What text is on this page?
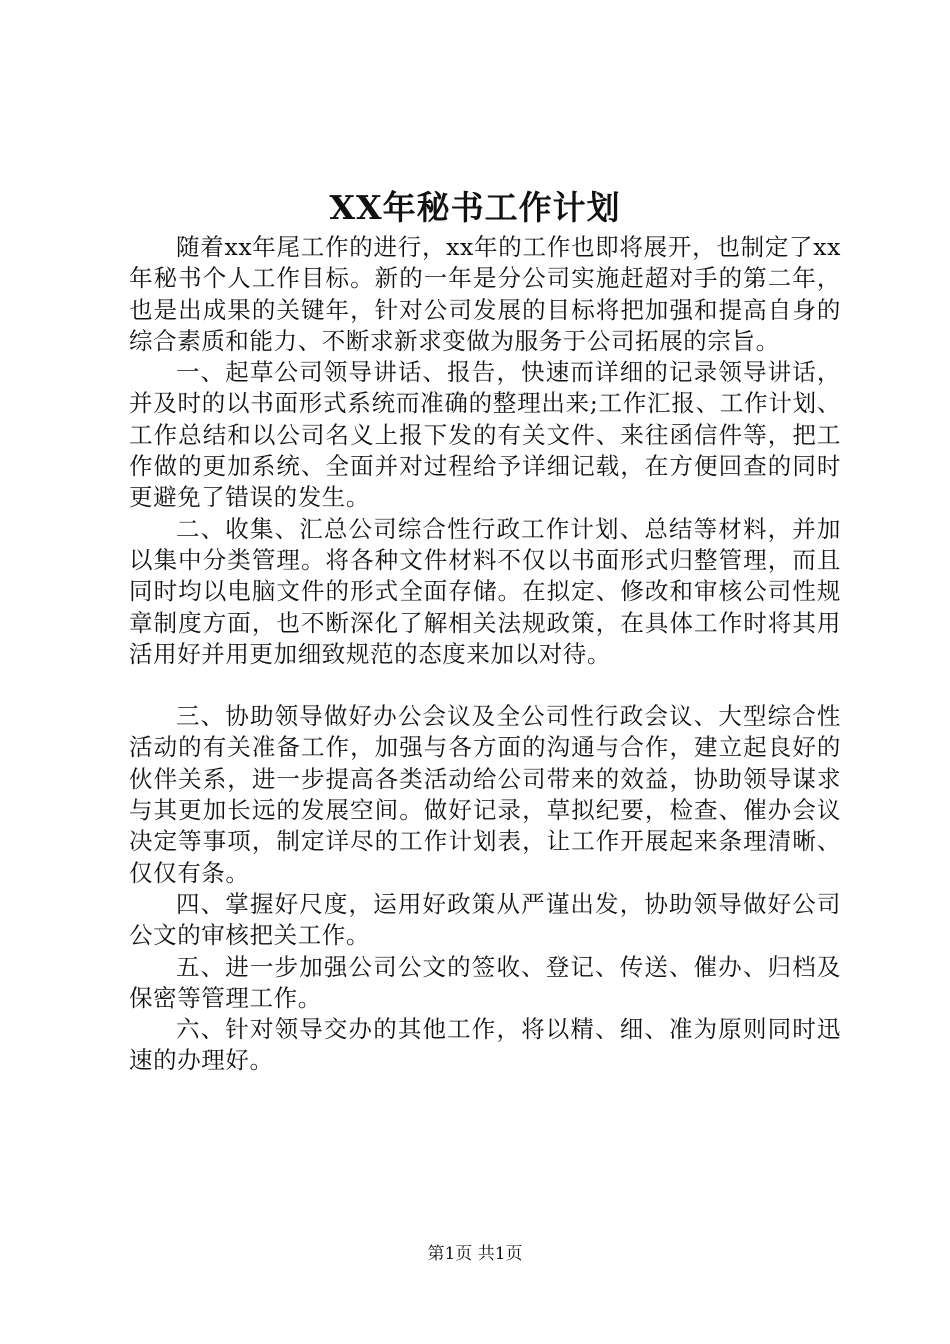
XX年秘书工作计划

随着xx年尾工作的进行，xx年的工作也即将展开，也制定了xx年秘书个人工作目标。新的一年是分公司实施赶超对手的第二年，也是出成果的关键年，针对公司发展的目标将把加强和提高自身的综合素质和能力、不断求新求变做为服务于公司拓展的宗旨。

一、起草公司领导讲话、报告，快速而详细的记录领导讲话，并及时的以书面形式系统而准确的整理出来;工作汇报、工作计划、工作总结和以公司名义上报下发的有关文件、来往函信件等，把工作做的更加系统、全面并对过程给予详细记载，在方便回查的同时更避免了错误的发生。

二、收集、汇总公司综合性行政工作计划、总结等材料，并加以集中分类管理。将各种文件材料不仅以书面形式归整管理，而且同时均以电脑文件的形式全面存储。在拟定、修改和审核公司性规章制度方面，也不断深化了解相关法规政策，在具体工作时将其用活用好并用更加细致规范的态度来加以对待。

三、协助领导做好办公会议及全公司性行政会议、大型综合性活动的有关准备工作，加强与各方面的沟通与合作，建立起良好的伙伴关系，进一步提高各类活动给公司带来的效益，协助领导谋求与其更加长远的发展空间。做好记录，草拟纪要，检查、催办会议决定等事项，制定详尽的工作计划表，让工作开展起来条理清晰、仅仅有条。

四、掌握好尺度，运用好政策从严谨出发，协助领导做好公司公文的审核把关工作。

五、进一步加强公司公文的签收、登记、传送、催办、归档及保密等管理工作。

六、针对领导交办的其他工作，将以精、细、准为原则同时迅速的办理好。

第1页 共1页
